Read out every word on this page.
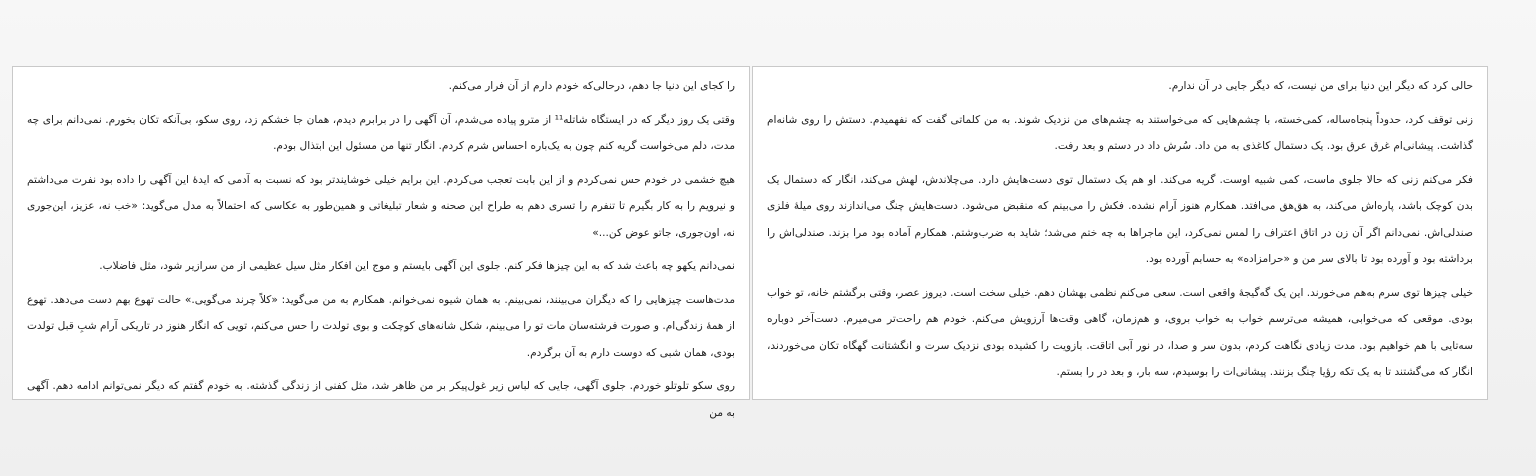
حالی کرد که دیگر این دنیا برای من نیست، که دیگر جایی در آن ندارم.

زنی توقف کرد، حدوداً پنجاه‌ساله، کمی‌خسته، با چشم‌هایی که می‌خواستند به چشم‌های من نزدیک شوند. به من کلماتی گفت که نفهمیدم. دستش را روی شانه‌ام گذاشت. پیشانی‌ام غرق عرق بود. یک دستمال کاغذی به من داد. سُرش داد در دستم و بعد رفت.

فکر می‌کنم زنی که حالا جلوی ماست، کمی شبیه اوست. گریه می‌کند. او هم یک دستمال توی دست‌هایش دارد. می‌چلاندش، لهش می‌کند، انگار که دستمال یک بدن کوچک باشد، پاره‌اش می‌کند، به هق‌هق می‌افتد. همکارم هنوز آرام نشده. فکش را می‌بینم که منقبض می‌شود. دست‌هایش چنگ می‌اندازند روی میلهٔ فلزی صندلی‌اش. نمی‌دانم اگر آن زن در اتاق اعتراف را لمس نمی‌کرد، این ماجراها به چه ختم می‌شد؛ شاید به ضرب‌وشتم. همکارم آماده بود مرا بزند. صندلی‌اش را برداشته بود و آورده بود تا بالای سر من و «حرامزاده» به حسابم آورده بود.

خیلی چیزها توی سرم به‌هم می‌خورند. این یک گه‌گیجهٔ واقعی است. سعی می‌کنم نظمی بهشان دهم. خیلی سخت است. دیروز عصر، وقتی برگشتم خانه، تو خواب بودی. موقعی که می‌خوابی، همیشه می‌ترسم خواب به خواب بروی، و هم‌زمان، گاهی وقت‌ها آرزویش می‌کنم. خودم هم راحت‌تر می‌میرم. دست‌آخر دوباره سه‌تایی با هم خواهیم بود. مدت زیادی نگاهت کردم، بدون سر و صدا، در نور آبی اتاقت. بازویت را کشیده بودی نزدیک سرت و انگشتانت گهگاه تکان می‌خوردند، انگار که می‌گشتند تا به یک تکه رؤیا چنگ بزنند. پیشانی‌ات را بوسیدم، سه بار، و بعد در را بستم.

را کجای این دنیا جا دهم، درحالی‌که خودم دارم از آن فرار می‌کنم.

وقتی یک روز دیگر که در ایستگاه شاتله¹¹ از مترو پیاده می‌شدم، آن آگهی را در برابرم دیدم، همان جا خشکم زد، روی سکو، بی‌آنکه تکان بخورم. نمی‌دانم برای چه مدت، دلم می‌خواست گریه کنم چون به یک‌باره احساس شرم کردم. انگار تنها من مسئول این ابتذال بودم.

هیچ خشمی در خودم حس نمی‌کردم و از این بابت تعجب می‌کردم. این برایم خیلی خوشایندتر بود که نسبت به آدمی که ایدهٔ این آگهی را داده بود نفرت می‌داشتم و نیرویم را به کار بگیرم تا تنفرم را تسری دهم به طراح این صحنه و شعار تبلیغاتی و همین‌طور به عکاسی که احتمالاً به مدل می‌گوید: «خب نه، عزیز، این‌جوری نه، اون‌جوری، جاتو عوض کن...»

نمی‌دانم یکهو چه باعث شد که به این چیزها فکر کنم. جلوی این آگهی بایستم و موج این افکار مثل سیل عظیمی از من سرازیر شود، مثل فاضلاب.

مدت‌هاست چیزهایی را که دیگران می‌بینند، نمی‌بینم. به همان شیوه نمی‌خوانم. همکارم به من می‌گوید: «کلاً چرند می‌گویی.» حالت تهوع بهم دست می‌دهد. تهوع از همهٔ زندگی‌ام. و صورت فرشته‌سان مات تو را می‌بینم، شکل شانه‌های کوچکت و بوی تولدت را حس می‌کنم، تویی که انگار هنوز در تاریکی آرام شبِ قبل تولدت بودی، همان شبی که دوست دارم به آن برگردم.

روی سکو تلوتلو خوردم. جلوی آگهی، جایی که لباس زیر غول‌پیکر بر من ظاهر شد، مثل کفنی از زندگی گذشته. به خودم گفتم که دیگر نمی‌توانم ادامه دهم. آگهی به من
